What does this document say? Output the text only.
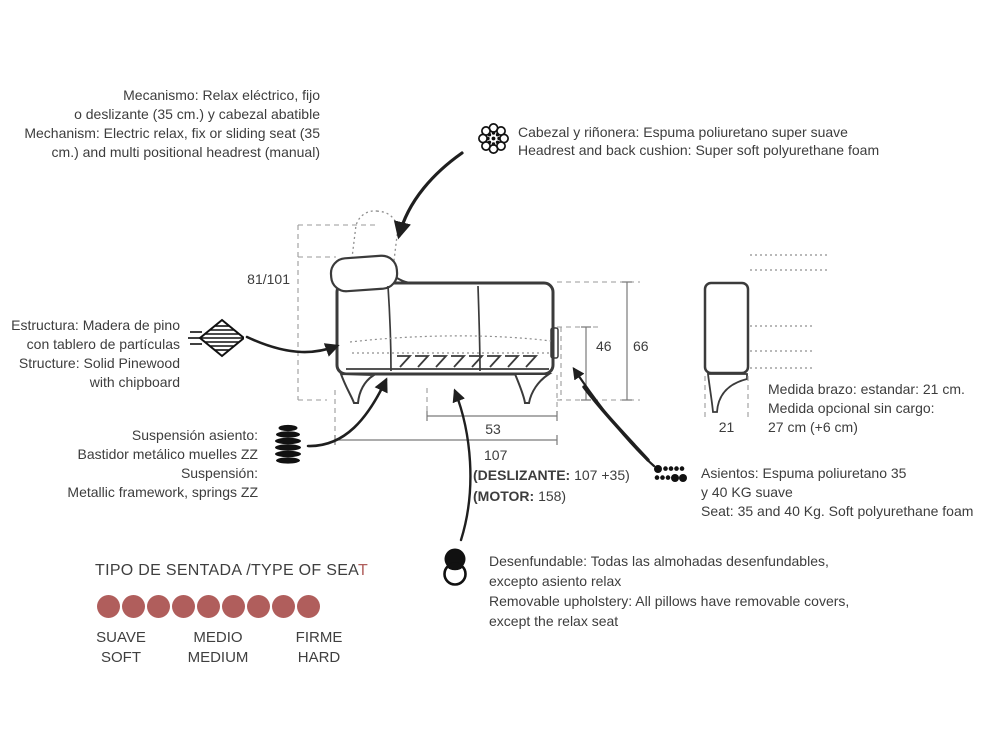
Mecanismo: Relax eléctrico, fijo
o deslizante (35 cm.) y cabezal abatible
Mechanism: Electric relax, fix or sliding seat (35
cm.) and multi positional headrest (manual)
Cabezal y riñonera: Espuma poliuretano super suave
Headrest and back cushion: Super soft polyurethane foam
Estructura: Madera de pino
con tablero de partículas
Structure: Solid Pinewood
with chipboard
Suspensión asiento:
Bastidor metálico muelles ZZ
Suspensión:
Metallic framework, springs ZZ
Medida brazo: estandar: 21 cm.
Medida opcional sin cargo:
27 cm (+6 cm)
Asientos: Espuma poliuretano 35
y 40 KG suave
Seat: 35 and 40 Kg. Soft polyurethane foam
Desenfundable: Todas las almohadas desenfundables,
excepto asiento relax
Removable upholstery: All pillows have removable covers,
except the relax seat
81/101
46 66
53
107
(DESLIZANTE: 107 +35)
(MOTOR: 158)
21
TIPO DE SENTADA /TYPE OF SEAT
SUAVE
SOFT
MEDIO
MEDIUM
FIRME
HARD
